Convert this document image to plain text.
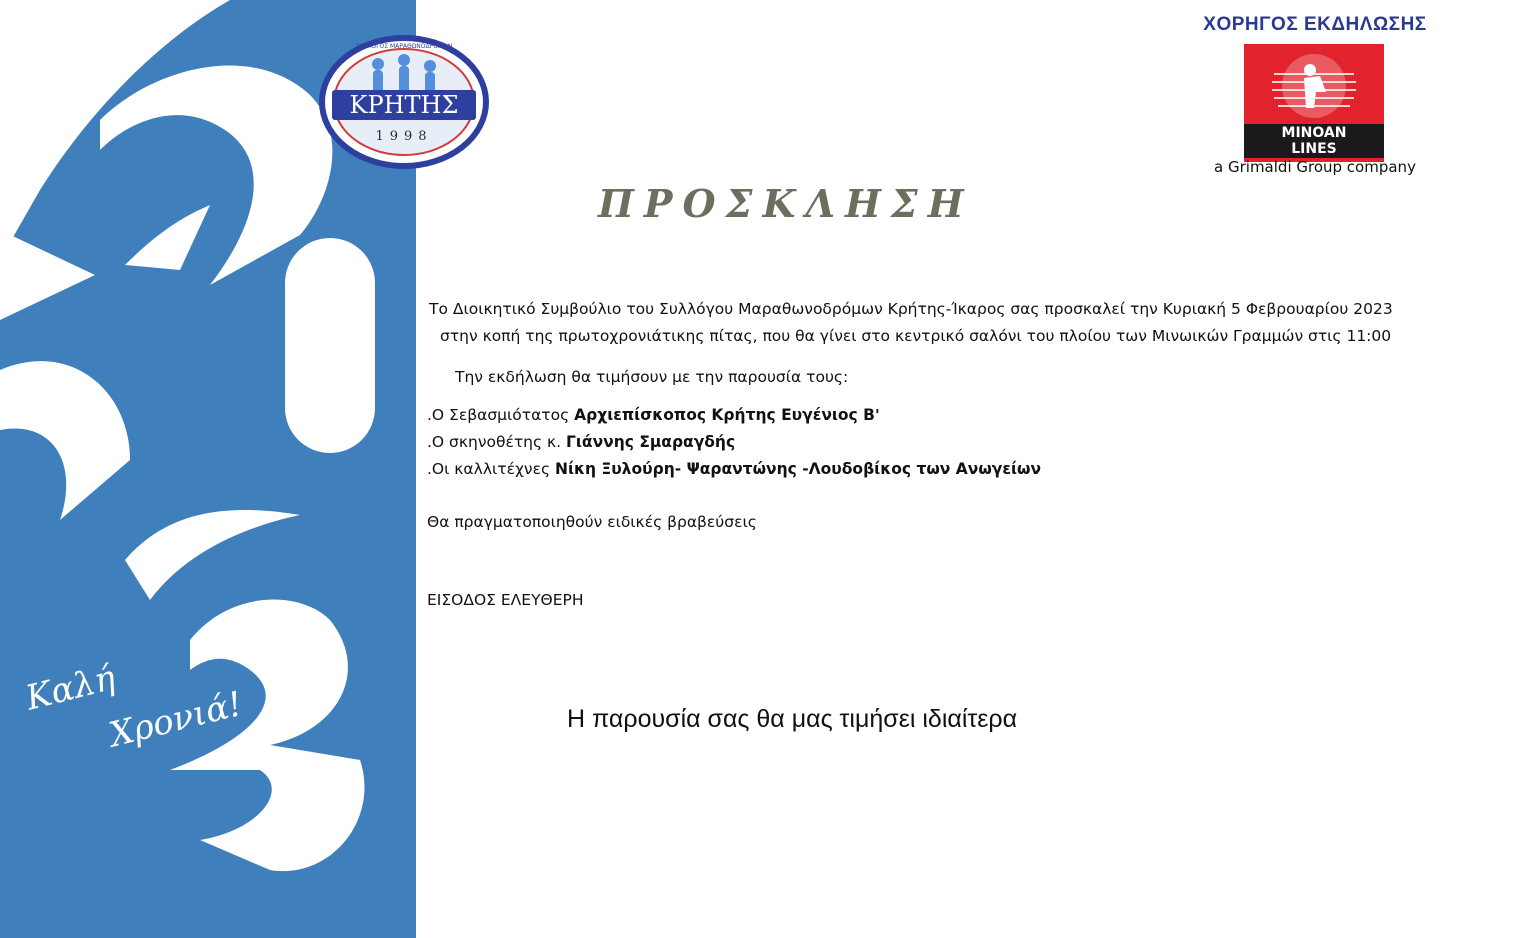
Καλή
Χρονιά!
ΚΡΗΤΗΣ
1998
ΣΥΛΛΟΓΟΣ ΜΑΡΑΘΩΝΟΔΡΟΜΩΝ
ΧΟΡΗΓΟΣ ΕΚΔΗΛΩΣΗΣ
MINOAN
LINES
a Grimaldi Group company
ΠΡΟΣΚΛΗΣΗ
Το Διοικητικό Συμβούλιο του Συλλόγου Μαραθωνοδρόμων Κρήτης-Ίκαρος σας προσκαλεί την Κυριακή 5 Φεβρουαρίου 2023
στην κοπή της πρωτοχρονιάτικης πίτας, που θα γίνει στο κεντρικό σαλόνι του πλοίου των Μινωικών Γραμμών στις 11:00
Την εκδήλωση θα τιμήσουν με την παρουσία τους:
.Ο Σεβασμιότατος Αρχιεπίσκοπος Κρήτης Ευγένιος Β'
.Ο σκηνοθέτης κ. Γιάννης Σμαραγδής
.Οι καλλιτέχνες Νίκη Ξυλούρη- Ψαραντώνης -Λουδοβίκος των Ανωγείων
Θα πραγματοποιηθούν ειδικές βραβεύσεις
ΕΙΣΟΔΟΣ ΕΛΕΥΘΕΡΗ
Η παρουσία σας θα μας τιμήσει ιδιαίτερα
